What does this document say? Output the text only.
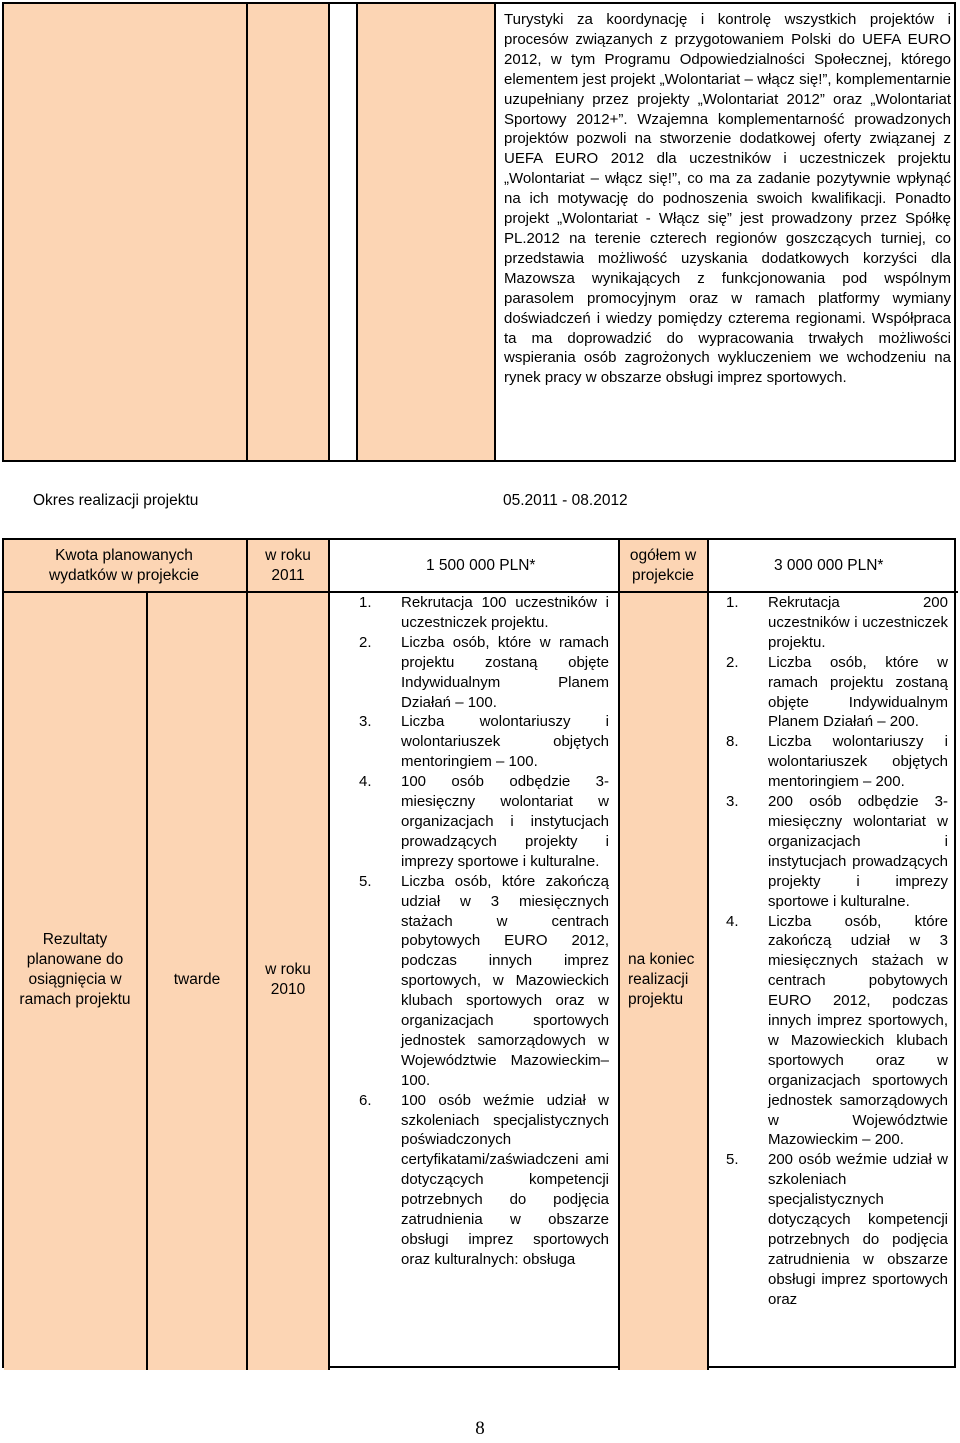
Turystyki za koordynację i kontrolę wszystkich projektów i procesów związanych z przygotowaniem Polski do UEFA EURO 2012, w tym Programu Odpowiedzialności Społecznej, którego elementem jest projekt „Wolontariat – włącz się!”, komplementarnie uzupełniany przez projekty „Wolontariat 2012” oraz „Wolontariat Sportowy 2012+”. Wzajemna komplementarność prowadzonych projektów pozwoli na stworzenie dodatkowej oferty związanej z UEFA EURO 2012 dla uczestników i uczestniczek projektu „Wolontariat – włącz się!”, co ma za zadanie pozytywnie wpłynąć na ich motywację do podnoszenia swoich kwalifikacji. Ponadto projekt „Wolontariat - Włącz się” jest prowadzony przez Spółkę PL.2012 na terenie czterech regionów goszczących turniej, co przedstawia możliwość uzyskania dodatkowych korzyści dla Mazowsza wynikających z funkcjonowania pod wspólnym parasolem promocyjnym oraz w ramach platformy wymiany doświadczeń i wiedzy pomiędzy czterema regionami. Współpraca ta ma doprowadzić do wypracowania trwałych możliwości wspierania osób zagrożonych wykluczeniem we wchodzeniu na rynek pracy w obszarze obsługi imprez sportowych.
Okres realizacji projektu	05.2011 - 08.2012
Kwota planowanych wydatków w projekcie
w roku 2011
1 500 000 PLN*
ogółem w projekcie
3 000 000 PLN*
Rezultaty planowane do osiągnięcia w ramach projektu
twarde
w roku 2010
na koniec realizacji projektu
1. Rekrutacja 100 uczestników i uczestniczek projektu.
2. Liczba osób, które w ramach projektu zostaną objęte Indywidualnym Planem Działań – 100.
3. Liczba wolontariuszy i wolontariuszek objętych mentoringiem – 100.
4. 100 osób odbędzie 3-miesięczny wolontariat w organizacjach i instytucjach prowadzących projekty i imprezy sportowe i kulturalne.
5. Liczba osób, które zakończą udział w 3 miesięcznych stażach w centrach pobytowych EURO 2012, podczas innych imprez sportowych, w Mazowieckich klubach sportowych oraz w organizacjach sportowych jednostek samorządowych w Województwie Mazowieckim– 100.
6. 100 osób weźmie udział w szkoleniach specjalistycznych poświadczonych certyfikatami/zaświadczeni ami dotyczących kompetencji potrzebnych do podjęcia zatrudnienia w obszarze obsługi imprez sportowych oraz kulturalnych: obsługa
1. Rekrutacja 200 uczestników i uczestniczek projektu.
2. Liczba osób, które w ramach projektu zostaną objęte Indywidualnym Planem Działań – 200.
8. Liczba wolontariuszy i wolontariuszek objętych mentoringiem – 200.
3. 200 osób odbędzie 3-miesięczny wolontariat w organizacjach i instytucjach prowadzących projekty i imprezy sportowe i kulturalne.
4. Liczba osób, które zakończą udział w 3 miesięcznych stażach w centrach pobytowych EURO 2012, podczas innych imprez sportowych, w Mazowieckich klubach sportowych oraz w organizacjach sportowych jednostek samorządowych w Województwie Mazowieckim – 200.
5. 200 osób weźmie udział w szkoleniach specjalistycznych dotyczących kompetencji potrzebnych do podjęcia zatrudnienia w obszarze obsługi imprez sportowych oraz
8
